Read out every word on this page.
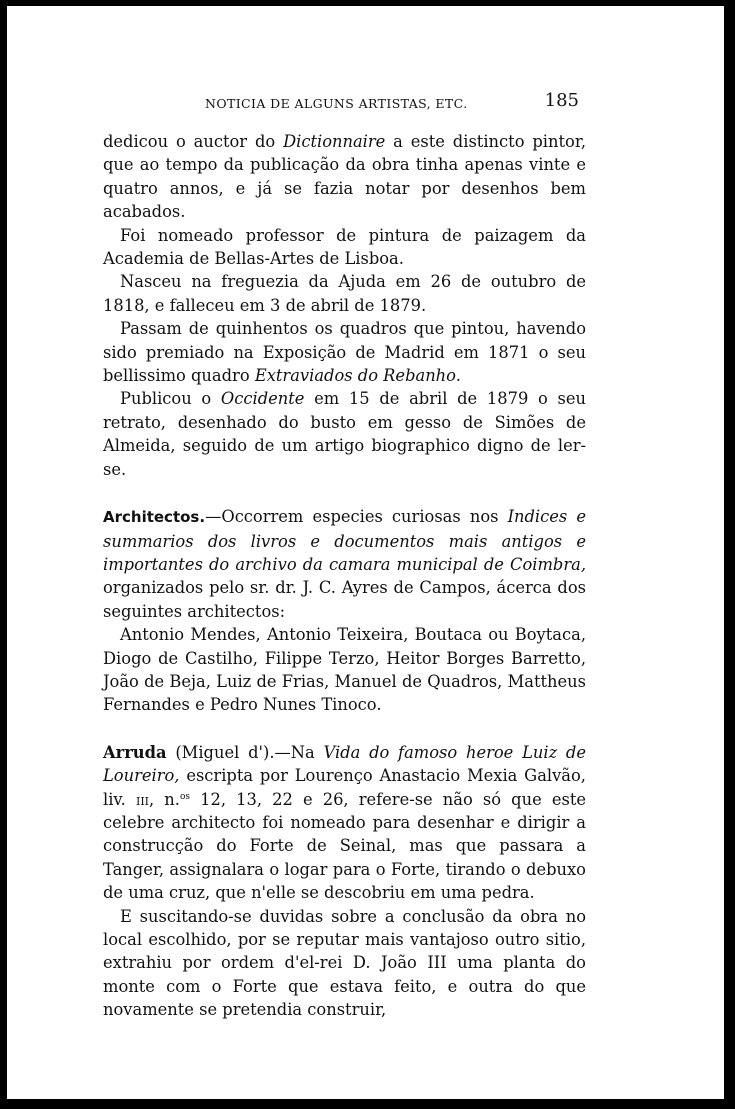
NOTICIA DE ALGUNS ARTISTAS, ETC.	185

dedicou o auctor do Dictionnaire a este distincto pintor, que ao tempo da publicação da obra tinha apenas vinte e quatro annos, e já se fazia notar por desenhos bem acabados.

Foi nomeado professor de pintura de paizagem da Academia de Bellas-Artes de Lisboa.

Nasceu na freguezia da Ajuda em 26 de outubro de 1818, e falleceu em 3 de abril de 1879.

Passam de quinhentos os quadros que pintou, havendo sido premiado na Exposição de Madrid em 1871 o seu bellissimo quadro Extraviados do Rebanho.

Publicou o Occidente em 15 de abril de 1879 o seu retrato, desenhado do busto em gesso de Simões de Almeida, seguido de um artigo biographico digno de ler-se.

Architectos.—Occorrem especies curiosas nos Indices e summarios dos livros e documentos mais antigos e importantes do archivo da camara municipal de Coimbra, organizados pelo sr. dr. J. C. Ayres de Campos, ácerca dos seguintes architectos:

Antonio Mendes, Antonio Teixeira, Boutaca ou Boytaca, Diogo de Castilho, Filippe Terzo, Heitor Borges Barretto, João de Beja, Luiz de Frias, Manuel de Quadros, Mattheus Fernandes e Pedro Nunes Tinoco.

Arruda (Miguel d').—Na Vida do famoso heroe Luiz de Loureiro, escripta por Lourenço Anastacio Mexia Galvão, liv. iii, n.$^{os}$ 12, 13, 22 e 26, refere-se não só que este celebre architecto foi nomeado para desenhar e dirigir a construcção do Forte de Seinal, mas que passara a Tanger, assignalara o logar para o Forte, tirando o debuxo de uma cruz, que n'elle se descobriu em uma pedra.

E suscitando-se duvidas sobre a conclusão da obra no local escolhido, por se reputar mais vantajoso outro sitio, extrahiu por ordem d'el-rei D. João III uma planta do monte com o Forte que estava feito, e outra do que novamente se pretendia construir,
